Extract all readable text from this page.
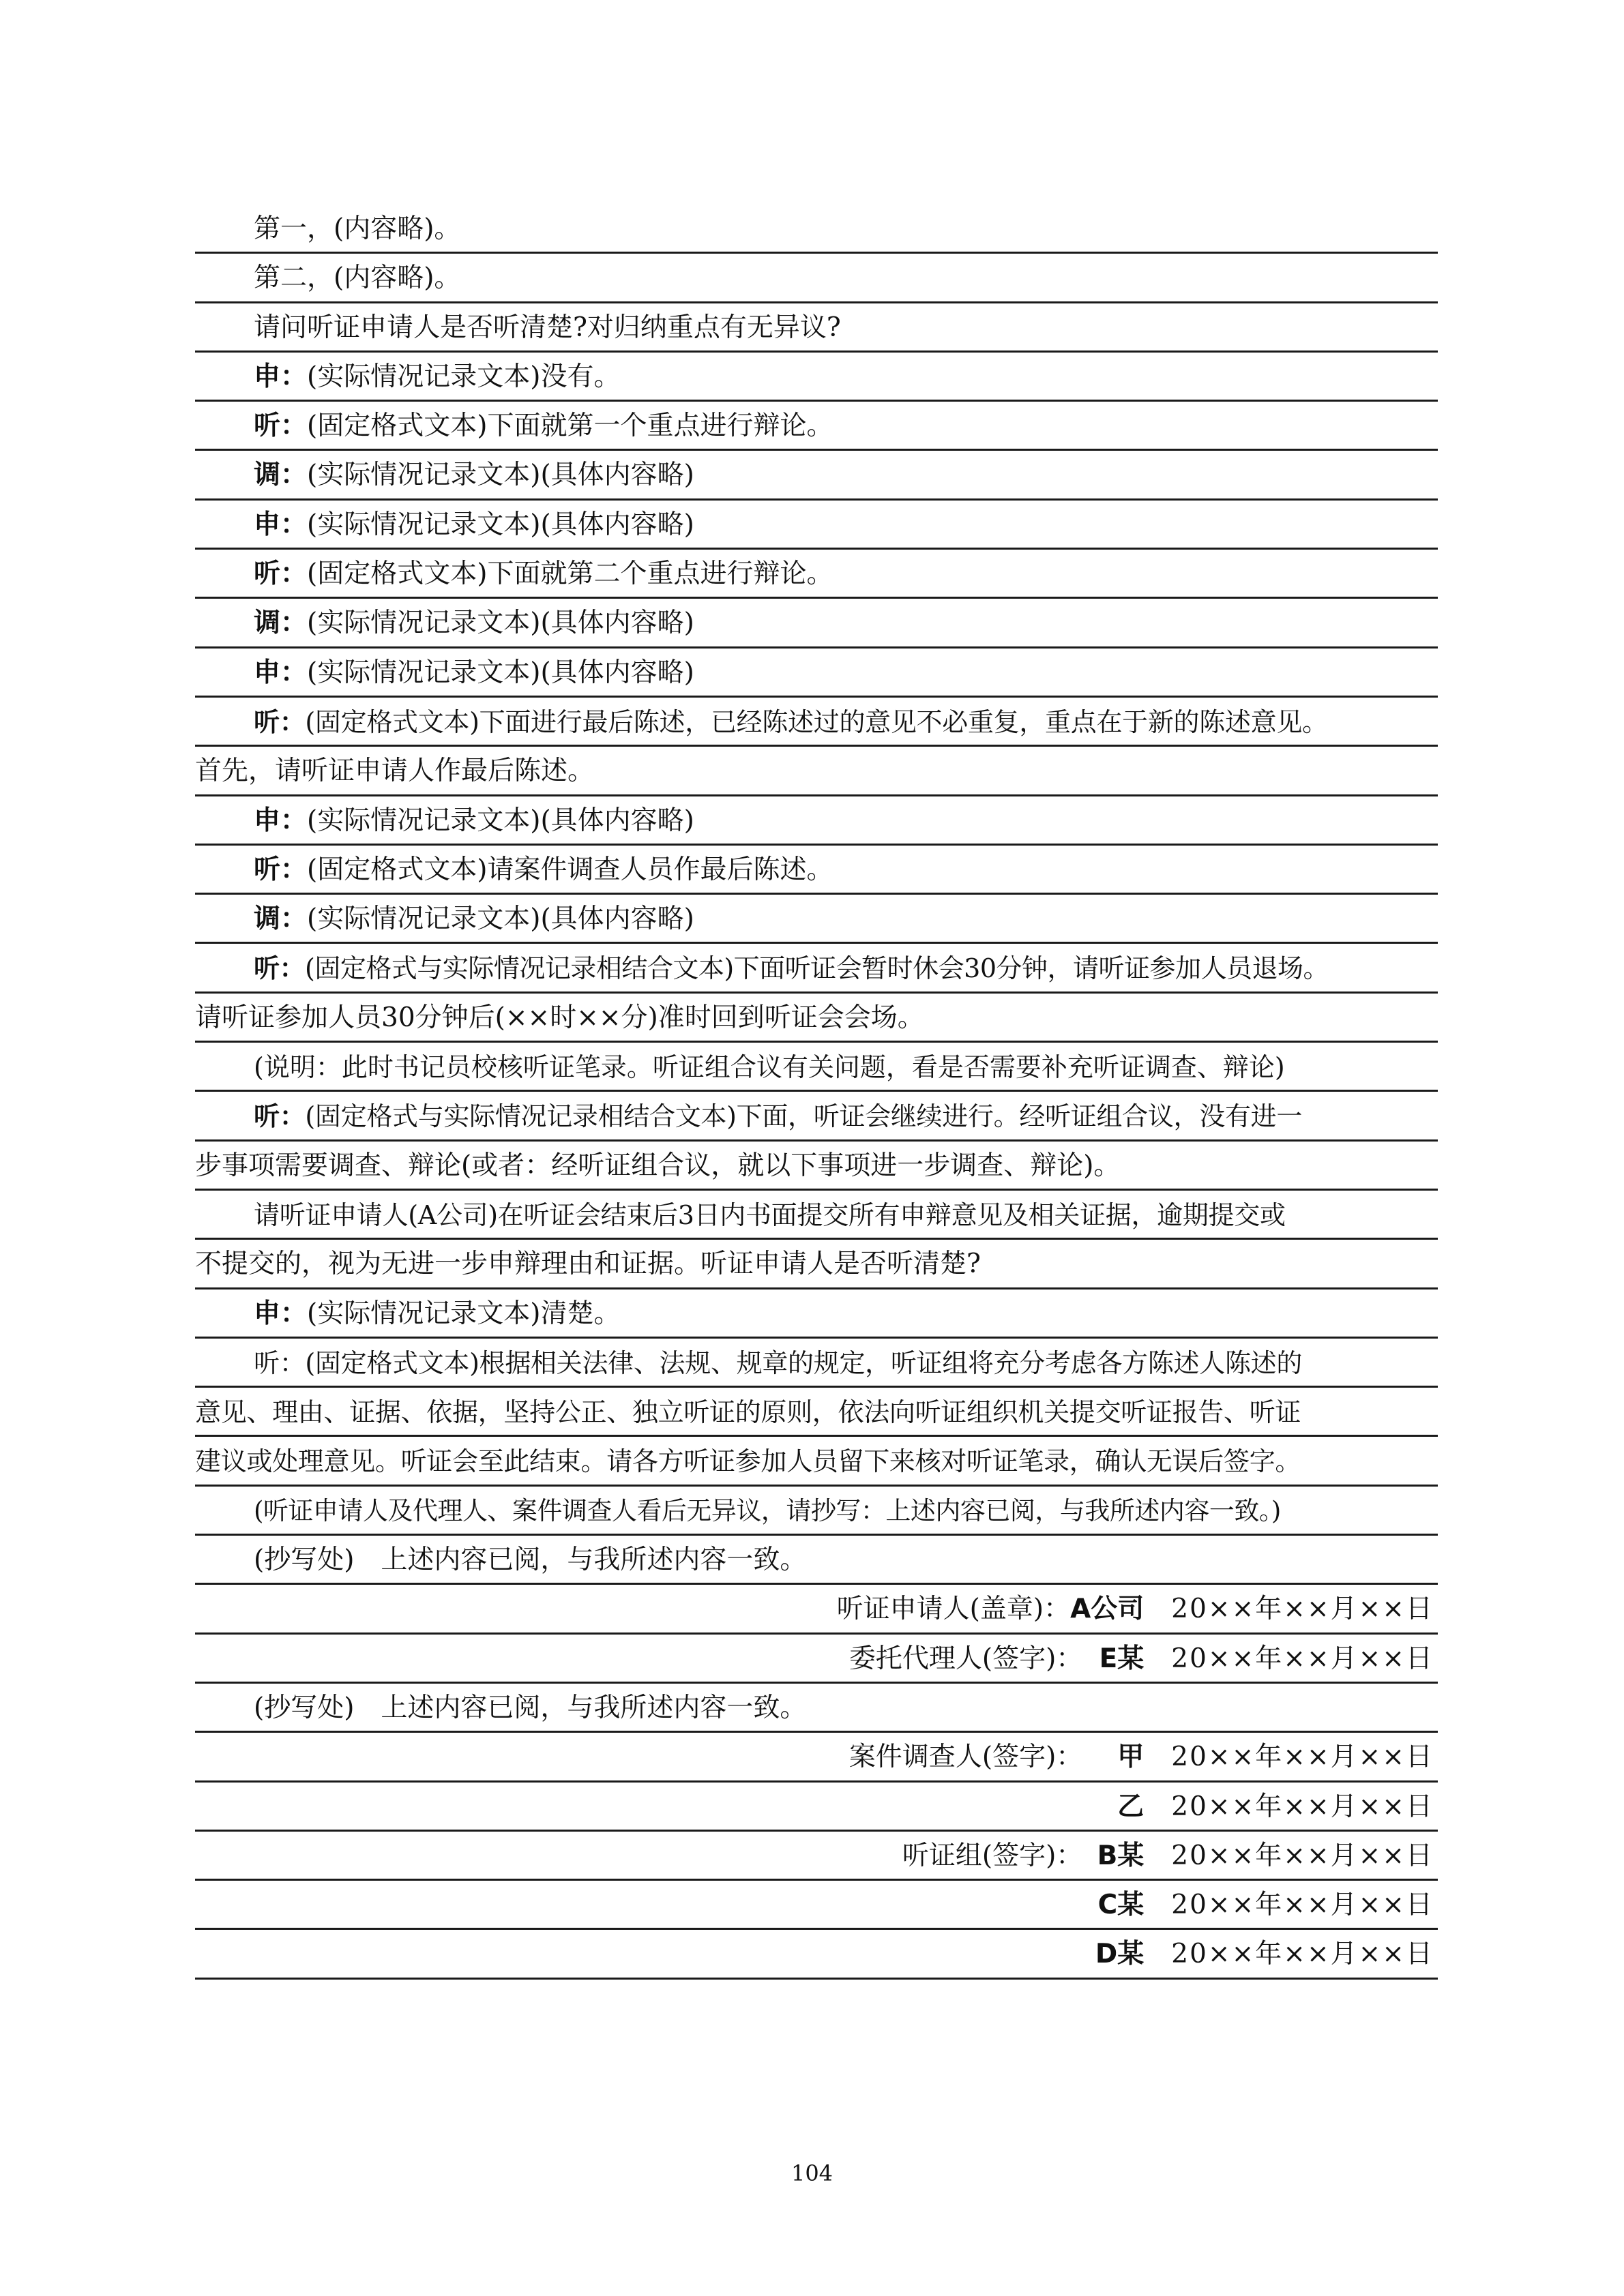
第一，(内容略)。
第二，(内容略)。
请问听证申请人是否听清楚?对归纳重点有无异议?
申：(实际情况记录文本)没有。
听：(固定格式文本)下面就第一个重点进行辩论。
调：(实际情况记录文本)(具体内容略)
申：(实际情况记录文本)(具体内容略)
听：(固定格式文本)下面就第二个重点进行辩论。
调：(实际情况记录文本)(具体内容略)
申：(实际情况记录文本)(具体内容略)
听：(固定格式文本)下面进行最后陈述，已经陈述过的意见不必重复，重点在于新的陈述意见。
首先，请听证申请人作最后陈述。
申：(实际情况记录文本)(具体内容略)
听：(固定格式文本)请案件调查人员作最后陈述。
调：(实际情况记录文本)(具体内容略)
听：(固定格式与实际情况记录相结合文本)下面听证会暂时休会30分钟，请听证参加人员退场。
请听证参加人员30分钟后(××时××分)准时回到听证会会场。
(说明：此时书记员校核听证笔录。听证组合议有关问题，看是否需要补充听证调查、辩论)
听：(固定格式与实际情况记录相结合文本)下面，听证会继续进行。经听证组合议，没有进一
步事项需要调查、辩论(或者：经听证组合议，就以下事项进一步调查、辩论)。
请听证申请人(A公司)在听证会结束后3日内书面提交所有申辩意见及相关证据，逾期提交或
不提交的，视为无进一步申辩理由和证据。听证申请人是否听清楚?
申：(实际情况记录文本)清楚。
听：(固定格式文本)根据相关法律、法规、规章的规定，听证组将充分考虑各方陈述人陈述的
意见、理由、证据、依据，坚持公正、独立听证的原则，依法向听证组织机关提交听证报告、听证
建议或处理意见。听证会至此结束。请各方听证参加人员留下来核对听证笔录，确认无误后签字。
(听证申请人及代理人、案件调查人看后无异议，请抄写：上述内容已阅，与我所述内容一致。)
(抄写处)　上述内容已阅，与我所述内容一致。
听证申请人(盖章)：A公司 20××年××月××日
委托代理人(签字)： E某 20××年××月××日
(抄写处)　上述内容已阅，与我所述内容一致。
案件调查人(签字)： 甲 20××年××月××日
乙 20××年××月××日
听证组(签字)： B某 20××年××月××日
C某 20××年××月××日
D某 20××年××月××日
104
